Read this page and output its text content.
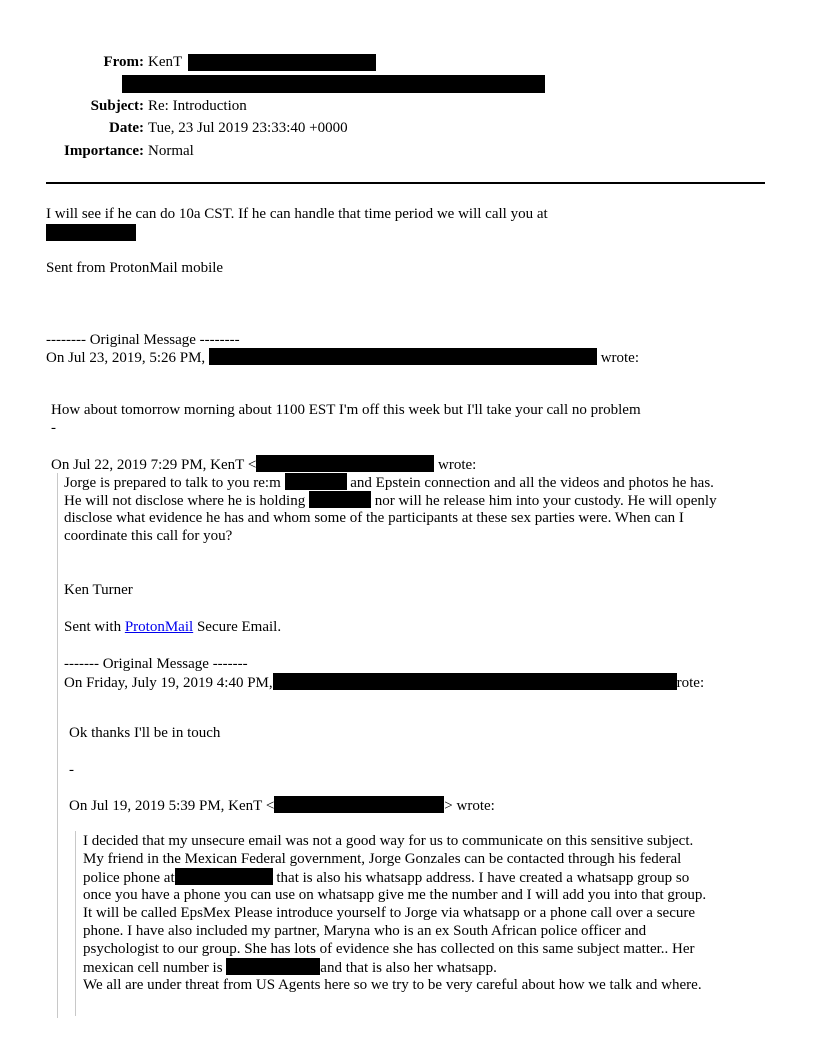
From: KenT
Subject: Re: Introduction
Date: Tue, 23 Jul 2019 23:33:40 +0000
Importance: Normal
I will see if he can do 10a CST. If he can handle that time period we will call you at
Sent from ProtonMail mobile
-------- Original Message --------
On Jul 23, 2019, 5:26 PM,	wrote:
How about tomorrow morning about 1100 EST I'm off this week but I'll take your call no problem
-
On Jul 22, 2019 7:29 PM, KenT <	wrote:
Jorge is prepared to talk to you re:m	and Epstein connection and all the videos and photos he has.
He will not disclose where he is holding	nor will he release him into your custody. He will openly
disclose what evidence he has and whom some of the participants at these sex parties were. When can I
coordinate this call for you?
Ken Turner
Sent with ProtonMail Secure Email.
------- Original Message -------
On Friday, July 19, 2019 4:40 PM,	rote:
Ok thanks I'll be in touch
-
On Jul 19, 2019 5:39 PM, KenT <	> wrote:
I decided that my unsecure email was not a good way for us to communicate on this sensitive subject.
My friend in the Mexican Federal government, Jorge Gonzales can be contacted through his federal
police phone at	that is also his whatsapp address. I have created a whatsapp group so
once you have a phone you can use on whatsapp give me the number and I will add you into that group.
It will be called EpsMex Please introduce yourself to Jorge via whatsapp or a phone call over a secure
phone. I have also included my partner, Maryna who is an ex South African police officer and
psychologist to our group. She has lots of evidence she has collected on this same subject matter.. Her
mexican cell number is	and that is also her whatsapp.
We all are under threat from US Agents here so we try to be very careful about how we talk and where.
